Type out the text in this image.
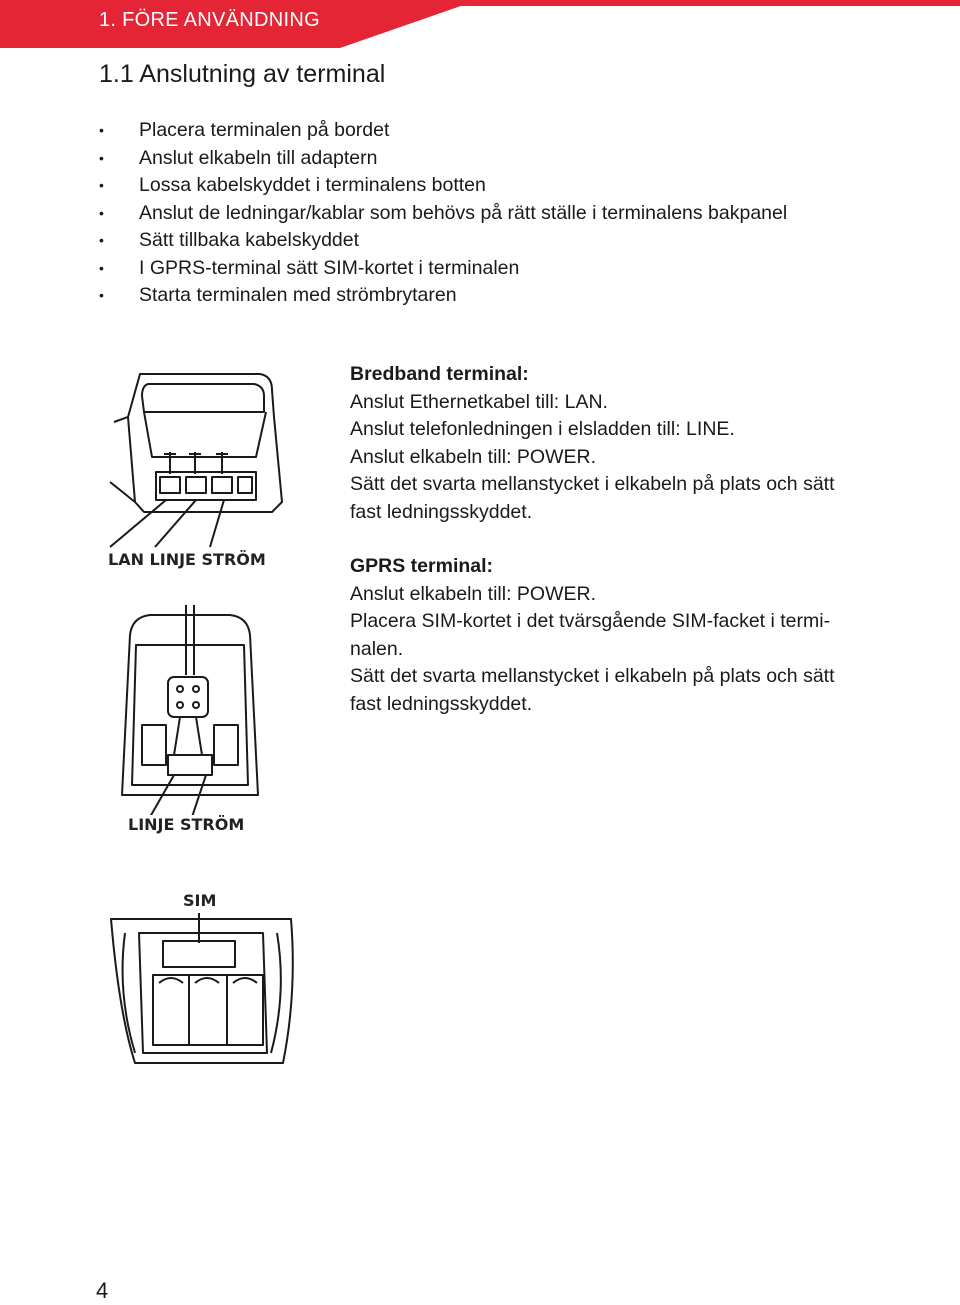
1. FÖRE ANVÄNDNING
1.1 Anslutning av terminal
• Placera terminalen på bordet
• Anslut elkabeln till adaptern
• Lossa kabelskyddet i terminalens botten
• Anslut de ledningar/kablar som behövs på rätt ställe i terminalens bakpanel
• Sätt tillbaka kabelskyddet
• I GPRS-terminal sätt SIM-kortet i terminalen
• Starta terminalen med strömbrytaren

Bredband terminal:

Anslut Ethernetkabel till: LAN.

Anslut telefonledningen i elsladden till: LINE.

Anslut elkabeln till: POWER.

Sätt det svarta mellanstycket i elkabeln på plats och sätt

fast ledningsskyddet.

GPRS terminal:

Anslut elkabeln till: POWER.

Placera SIM-kortet i det tvärsgående SIM-facket i termi-

nalen.

Sätt det svarta mellanstycket i elkabeln på plats och sätt

fast ledningsskyddet.

LAN LINJE STRÖM
LINJE STRÖM
SIM
4
